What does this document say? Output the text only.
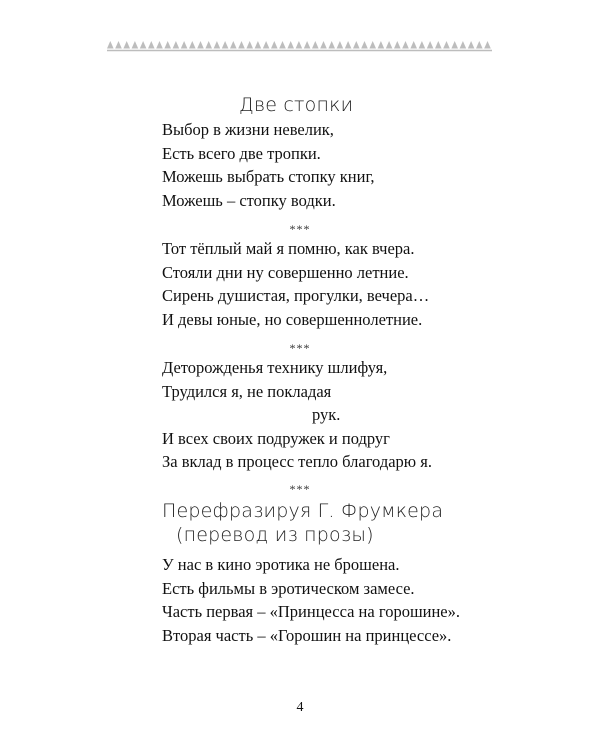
Две стопки
Выбор в жизни невелик,
Есть всего две тропки.
Можешь выбрать стопку книг,
Можешь – стопку водки.
***
Тот тёплый май я помню, как вчера.
Стояли дни ну совершенно летние.
Сирень душистая, прогулки, вечера…
И девы юные, но совершеннолетние.
***
Деторожденья технику шлифуя,
Трудился я, не покладая
рук.
И всех своих подружек и подруг
За вклад в процесс тепло благодарю я.
***
Перефразируя Г. Фрумкера
(перевод из прозы)
У нас в кино эротика не брошена.
Есть фильмы в эротическом замесе.
Часть первая – «Принцесса на горошине».
Вторая часть – «Горошин на принцессе».
4
